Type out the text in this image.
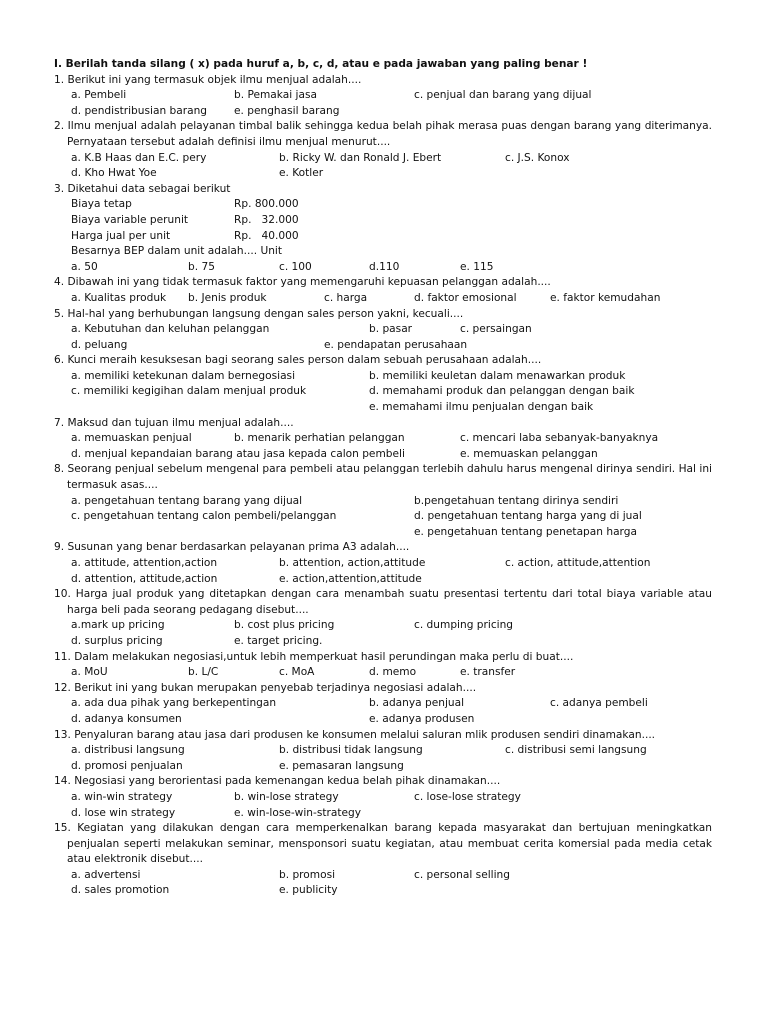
I. Berilah tanda silang ( x) pada huruf a, b, c, d, atau e pada jawaban yang paling benar !
1. Berikut ini yang termasuk objek ilmu menjual adalah....
a. Pembeli	b. Pemakai jasa	c. penjual dan barang yang dijual
d. pendistribusian barang	e. penghasil barang
2. Ilmu menjual adalah pelayanan timbal balik sehingga kedua belah pihak merasa puas dengan barang yang diterimanya. Pernyataan tersebut adalah definisi ilmu menjual menurut....
a. K.B Haas dan E.C. pery	b. Ricky W. dan Ronald J. Ebert	c. J.S. Konox
d. Kho Hwat Yoe	e. Kotler
3. Diketahui data sebagai berikut
Biaya tetap	Rp. 800.000
Biaya variable perunit	Rp.   32.000
Harga jual per unit	Rp.   40.000
Besarnya BEP dalam unit adalah.... Unit
a. 50	b. 75	c. 100	d.110	e. 115
4. Dibawah ini yang tidak termasuk faktor yang memengaruhi kepuasan pelanggan adalah....
a. Kualitas produk b. Jenis produk	c. harga	d. faktor emosional	e. faktor kemudahan
5. Hal-hal yang berhubungan langsung dengan sales person yakni, kecuali....
a. Kebutuhan dan keluhan pelanggan	b. pasar	c. persaingan
d. peluang	e. pendapatan perusahaan
6. Kunci meraih kesuksesan bagi seorang sales person dalam sebuah perusahaan adalah....
a. memiliki ketekunan dalam bernegosiasi	b. memiliki keuletan dalam menawarkan produk
c. memiliki kegigihan dalam menjual produk	d. memahami produk dan pelanggan dengan baik
e. memahami ilmu penjualan dengan baik
7. Maksud dan tujuan ilmu menjual adalah....
a. memuaskan penjual	b. menarik perhatian pelanggan	c. mencari laba sebanyak-banyaknya
d. menjual kepandaian barang atau jasa kepada calon pembeli	e. memuaskan pelanggan
8. Seorang penjual sebelum mengenal para pembeli atau pelanggan terlebih dahulu harus mengenal dirinya sendiri. Hal ini termasuk asas....
a. pengetahuan tentang barang yang dijual	b.pengetahuan tentang dirinya sendiri
c. pengetahuan tentang calon pembeli/pelanggan	d. pengetahuan tentang harga yang di jual
e. pengetahuan tentang penetapan harga
9. Susunan yang benar berdasarkan pelayanan prima A3 adalah....
a. attitude, attention,action	b. attention, action,attitude	c. action, attitude,attention
d. attention, attitude,action	e. action,attention,attitude
10. Harga jual produk yang ditetapkan dengan cara menambah suatu presentasi tertentu dari total biaya variable atau harga beli pada seorang pedagang disebut....
a.mark up pricing	b. cost plus pricing	c. dumping pricing
d. surplus pricing	e. target pricing.
11. Dalam melakukan negosiasi,untuk lebih memperkuat hasil perundingan maka perlu di buat....
a. MoU	b. L/C	c. MoA	d. memo	e. transfer
12. Berikut ini yang bukan merupakan penyebab terjadinya negosiasi adalah....
a. ada dua pihak yang berkepentingan	b. adanya penjual	c. adanya pembeli
d. adanya konsumen	e. adanya produsen
13. Penyaluran barang atau jasa dari produsen ke konsumen melalui saluran mlik produsen sendiri dinamakan....
a. distribusi langsung	b. distribusi tidak langsung	c. distribusi semi langsung
d. promosi penjualan	e. pemasaran langsung
14. Negosiasi yang berorientasi pada kemenangan kedua belah pihak dinamakan....
a. win-win strategy	b. win-lose strategy	c. lose-lose strategy
d. lose win strategy	e. win-lose-win-strategy
15. Kegiatan yang dilakukan dengan cara memperkenalkan barang kepada masyarakat dan bertujuan meningkatkan penjualan seperti melakukan seminar, mensponsori suatu kegiatan, atau membuat cerita komersial pada media cetak atau elektronik disebut....
a. advertensi	b. promosi	c. personal selling
d. sales promotion	e. publicity
